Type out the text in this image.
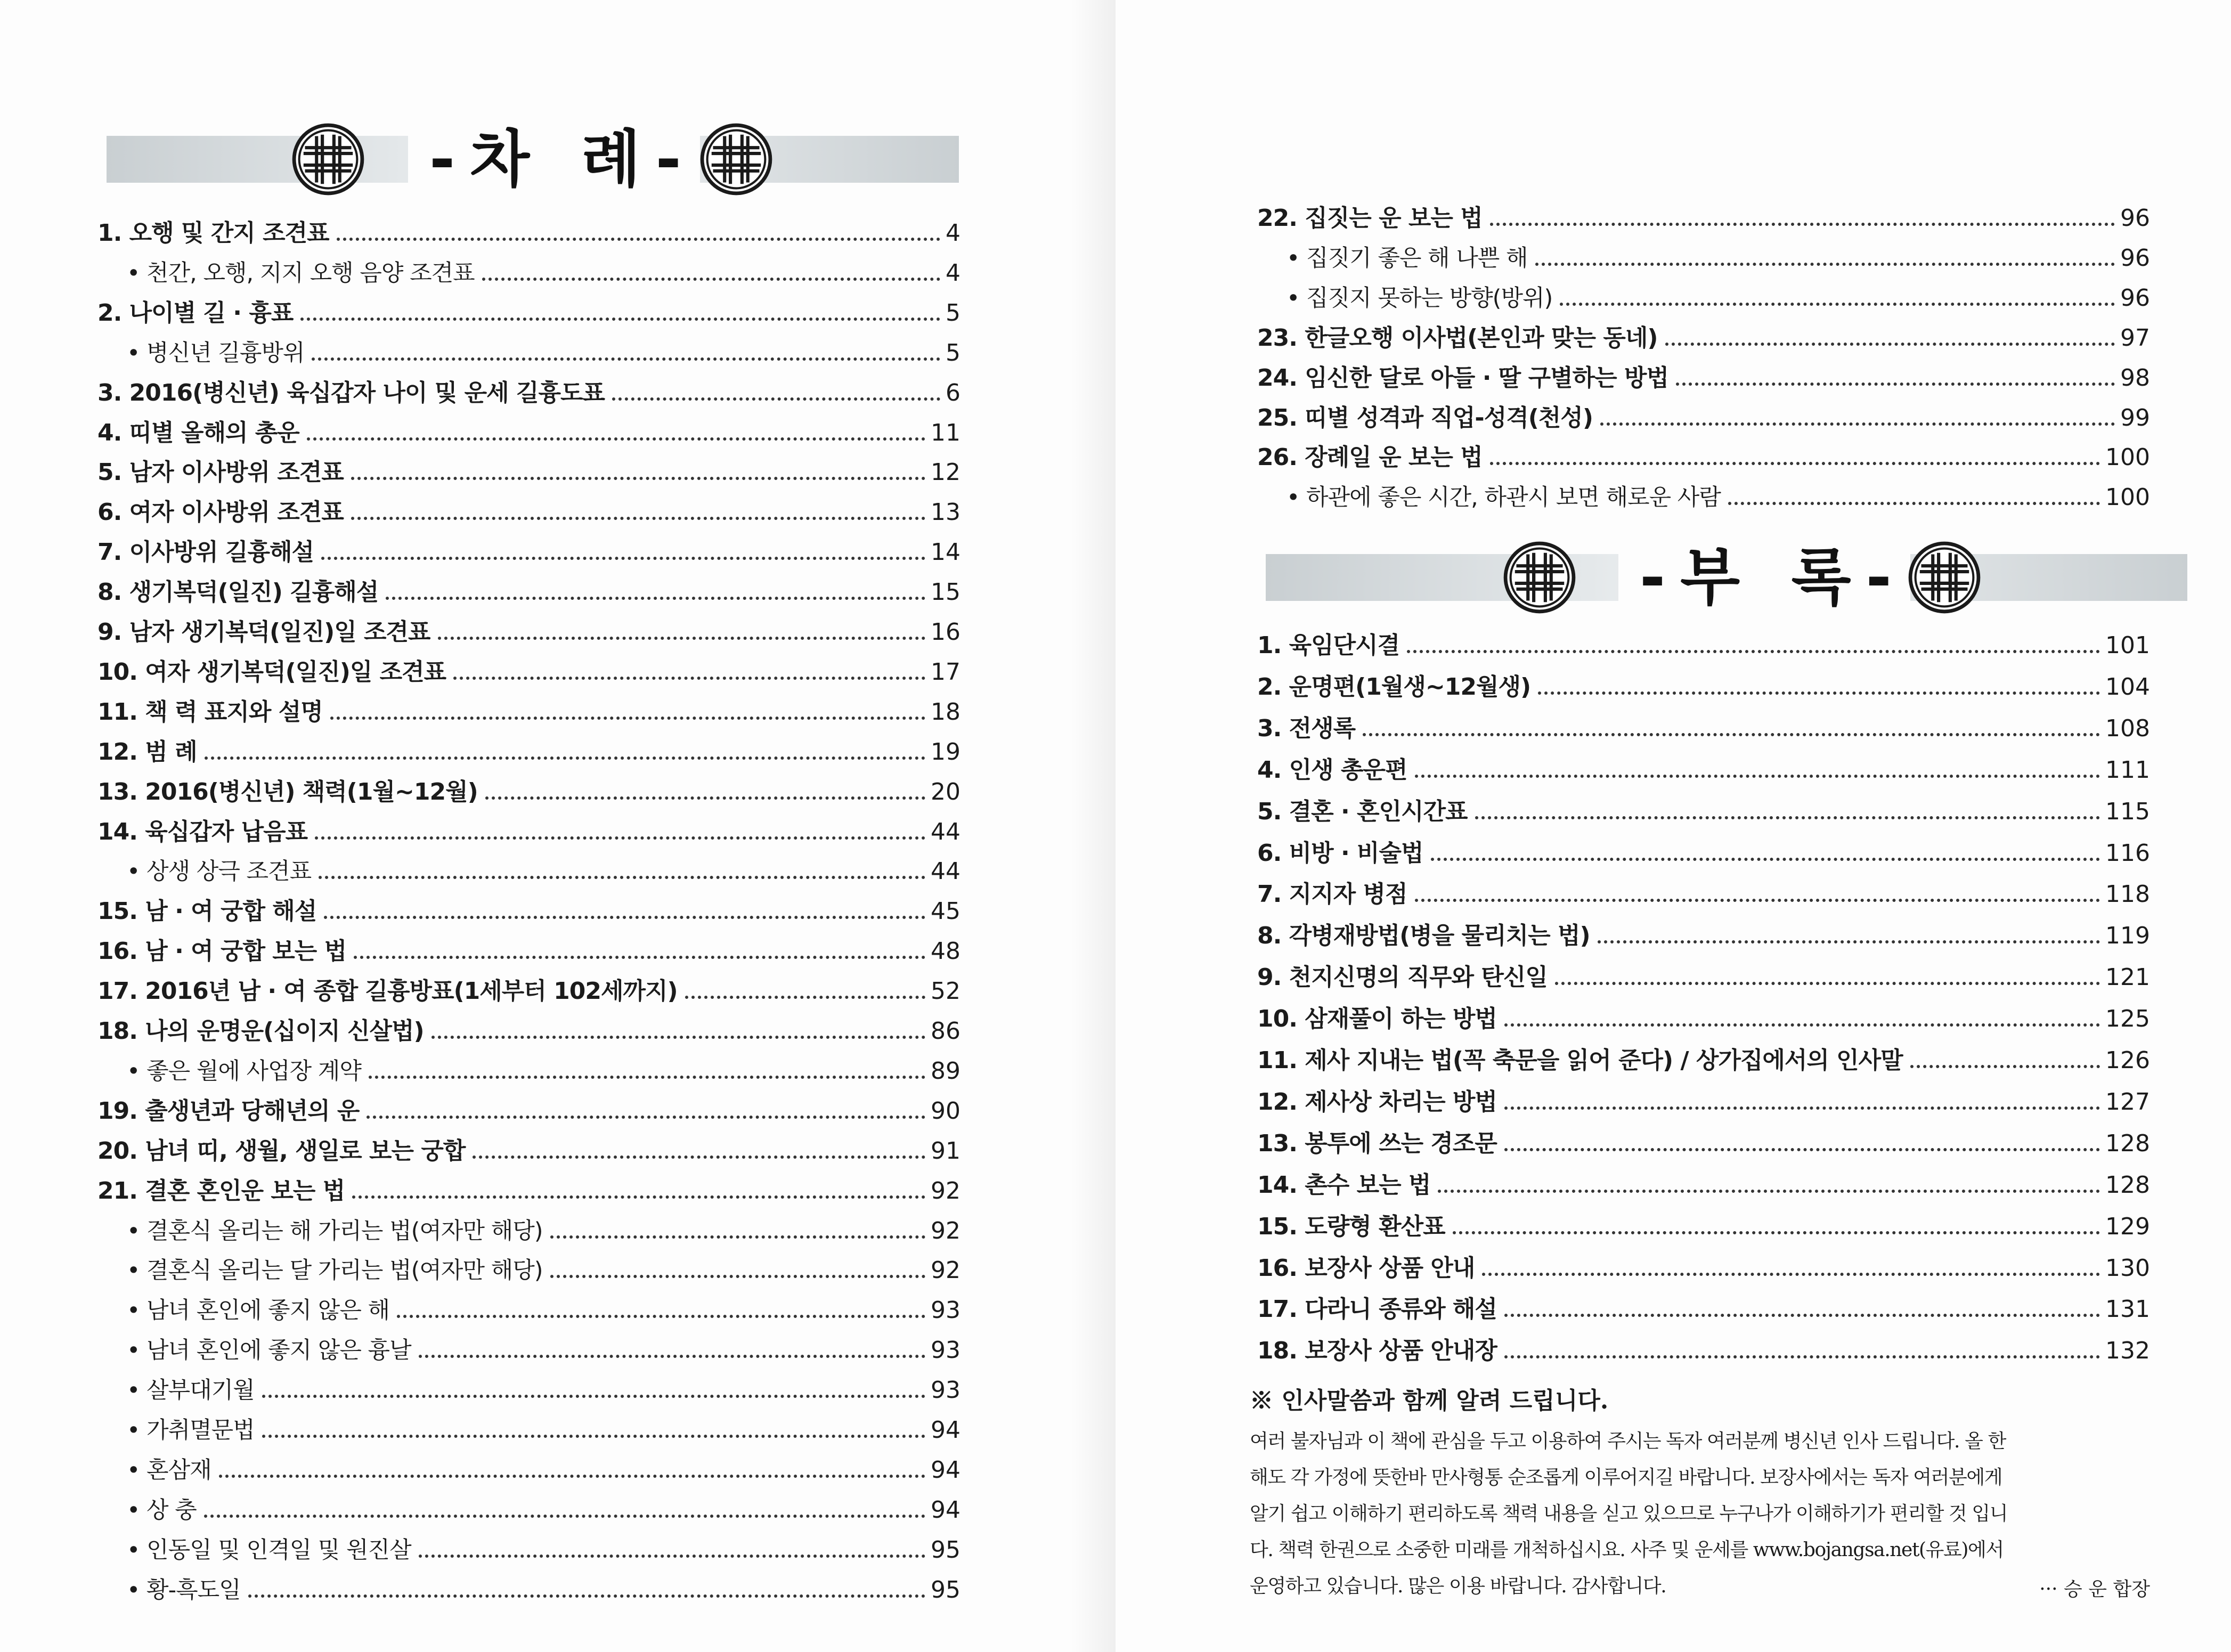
-차 례-
1. 오행 및 간지 조견표	4
• 천간, 오행, 지지 오행 음양 조견표	4
2. 나이별 길 · 흉표	5
• 병신년 길흉방위	5
3. 2016(병신년) 육십갑자 나이 및 운세 길흉도표	6
4. 띠별 올해의 총운	11
5. 남자 이사방위 조견표	12
6. 여자 이사방위 조견표	13
7. 이사방위 길흉해설	14
8. 생기복덕(일진) 길흉해설	15
9. 남자 생기복덕(일진)일 조견표	16
10. 여자 생기복덕(일진)일 조견표	17
11. 책 력 표지와 설명	18
12. 범 례	19
13. 2016(병신년) 책력(1월~12월)	20
14. 육십갑자 납음표	44
• 상생 상극 조견표	44
15. 남 · 여 궁합 해설	45
16. 남 · 여 궁합 보는 법	48
17. 2016년 남 · 여 종합 길흉방표(1세부터 102세까지)	52
18. 나의 운명운(십이지 신살법)	86
• 좋은 월에 사업장 계약	89
19. 출생년과 당해년의 운	90
20. 남녀 띠, 생월, 생일로 보는 궁합	91
21. 결혼 혼인운 보는 법	92
• 결혼식 올리는 해 가리는 법(여자만 해당)	92
• 결혼식 올리는 달 가리는 법(여자만 해당)	92
• 남녀 혼인에 좋지 않은 해	93
• 남녀 혼인에 좋지 않은 흉날	93
• 살부대기월	93
• 가취멸문법	94
• 혼삼재	94
• 상 충	94
• 인동일 및 인격일 및 원진살	95
• 황-흑도일	95
22. 집짓는 운 보는 법	96
• 집짓기 좋은 해 나쁜 해	96
• 집짓지 못하는 방향(방위)	96
23. 한글오행 이사법(본인과 맞는 동네)	97
24. 임신한 달로 아들 · 딸 구별하는 방법	98
25. 띠별 성격과 직업-성격(천성)	99
26. 장례일 운 보는 법	100
• 하관에 좋은 시간, 하관시 보면 해로운 사람	100
-부 록-
1. 육임단시결	101
2. 운명편(1월생~12월생)	104
3. 전생록	108
4. 인생 총운편	111
5. 결혼 · 혼인시간표	115
6. 비방 · 비술법	116
7. 지지자 병점	118
8. 각병재방법(병을 물리치는 법)	119
9. 천지신명의 직무와 탄신일	121
10. 삼재풀이 하는 방법	125
11. 제사 지내는 법(꼭 축문을 읽어 준다) / 상가집에서의 인사말	126
12. 제사상 차리는 방법	127
13. 봉투에 쓰는 경조문	128
14. 촌수 보는 법	128
15. 도량형 환산표	129
16. 보장사 상품 안내	130
17. 다라니 종류와 해설	131
18. 보장사 상품 안내장	132
※ 인사말씀과 함께 알려 드립니다.
여러 불자님과 이 책에 관심을 두고 이용하여 주시는 독자 여러분께 병신년 인사 드립니다. 올 한
해도 각 가정에 뜻한바 만사형통 순조롭게 이루어지길 바랍니다. 보장사에서는 독자 여러분에게
알기 쉽고 이해하기 편리하도록 책력 내용을 싣고 있으므로 누구나가 이해하기가 편리할 것 입니
다. 책력 한권으로 소중한 미래를 개척하십시요. 사주 및 운세를 www.bojangsa.net(유료)에서
운영하고 있습니다. 많은 이용 바랍니다. 감사합니다.	··· 승 운 합장
